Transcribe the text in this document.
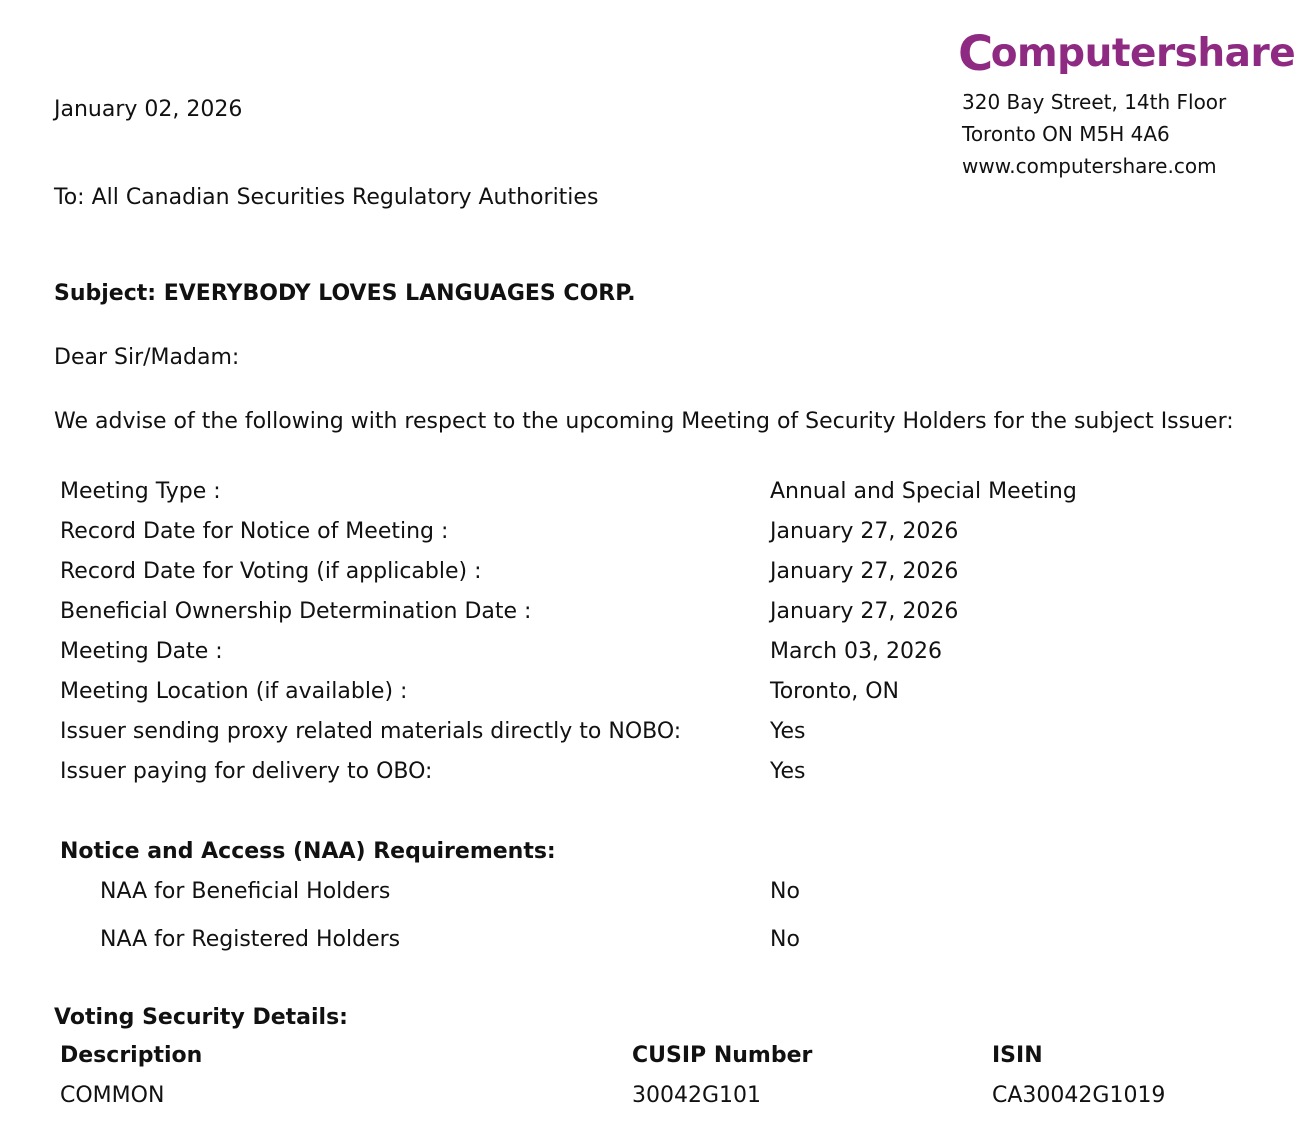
Computershare
320 Bay Street, 14th Floor
Toronto ON M5H 4A6
www.computershare.com
January 02, 2026
To: All Canadian Securities Regulatory Authorities
Subject: EVERYBODY LOVES LANGUAGES CORP.
Dear Sir/Madam:
We advise of the following with respect to the upcoming Meeting of Security Holders for the subject Issuer:
Meeting Type :	Annual and Special Meeting
Record Date for Notice of Meeting :	January 27, 2026
Record Date for Voting (if applicable) :	January 27, 2026
Beneficial Ownership Determination Date :	January 27, 2026
Meeting Date :	March 03, 2026
Meeting Location (if available) :	Toronto, ON
Issuer sending proxy related materials directly to NOBO:	Yes
Issuer paying for delivery to OBO:	Yes
Notice and Access (NAA) Requirements:
NAA for Beneficial Holders	No
NAA for Registered Holders	No
Voting Security Details:
Description	CUSIP Number	ISIN
COMMON	30042G101	CA30042G1019
